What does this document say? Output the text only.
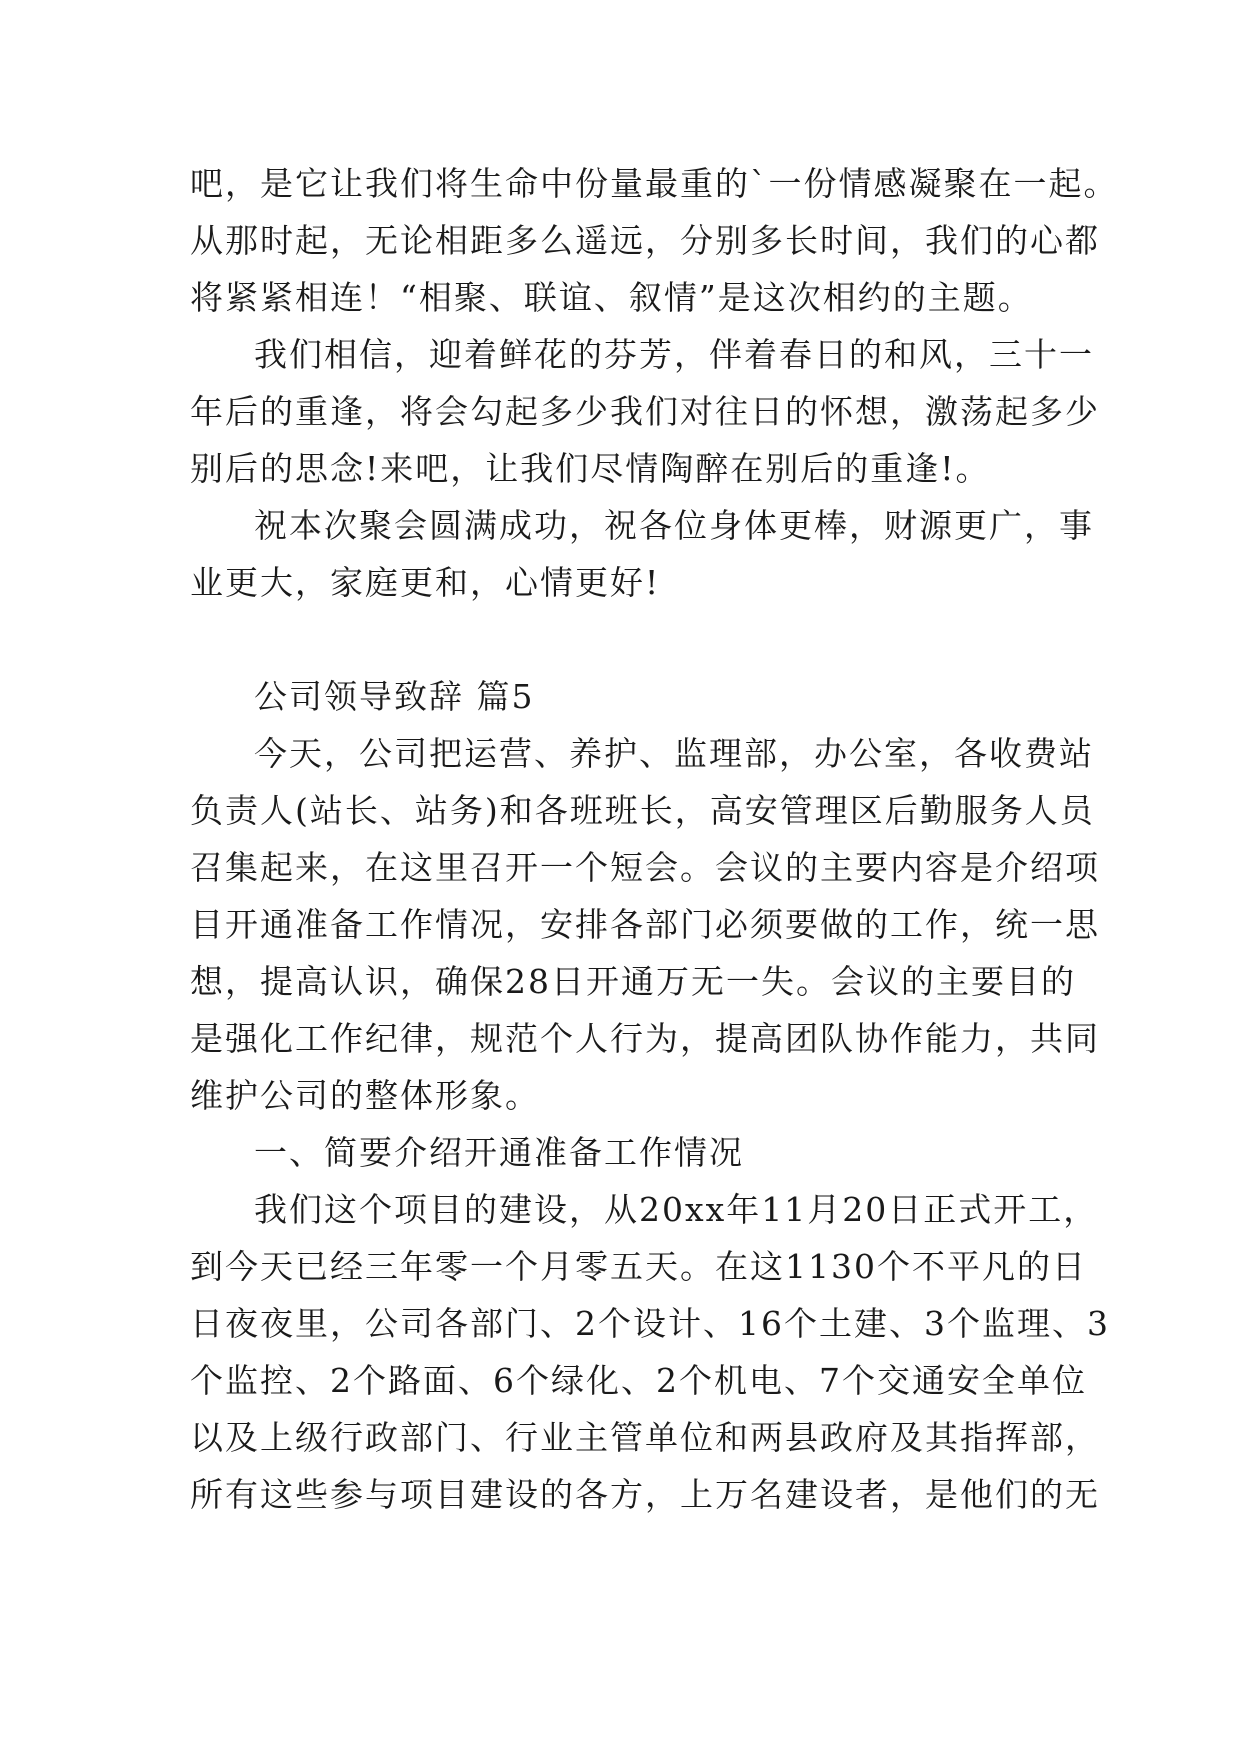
吧，是它让我们将生命中份量最重的`一份情感凝聚在一起。
从那时起，无论相距多么遥远，分别多长时间，我们的心都
将紧紧相连！“相聚、联谊、叙情”是这次相约的主题。
我们相信，迎着鲜花的芬芳，伴着春日的和风，三十一
年后的重逢，将会勾起多少我们对往日的怀想，激荡起多少
别后的思念!来吧，让我们尽情陶醉在别后的重逢!。
祝本次聚会圆满成功，祝各位身体更棒，财源更广，事
业更大，家庭更和，心情更好!
公司领导致辞 篇5
今天，公司把运营、养护、监理部，办公室，各收费站
负责人(站长、站务)和各班班长，高安管理区后勤服务人员
召集起来，在这里召开一个短会。会议的主要内容是介绍项
目开通准备工作情况，安排各部门必须要做的工作，统一思
想，提高认识，确保28日开通万无一失。会议的主要目的
是强化工作纪律，规范个人行为，提高团队协作能力，共同
维护公司的整体形象。
一、简要介绍开通准备工作情况
我们这个项目的建设，从20xx年11月20日正式开工，
到今天已经三年零一个月零五天。在这1130个不平凡的日
日夜夜里，公司各部门、2个设计、16个土建、3个监理、3
个监控、2个路面、6个绿化、2个机电、7个交通安全单位
以及上级行政部门、行业主管单位和两县政府及其指挥部，
所有这些参与项目建设的各方，上万名建设者，是他们的无
